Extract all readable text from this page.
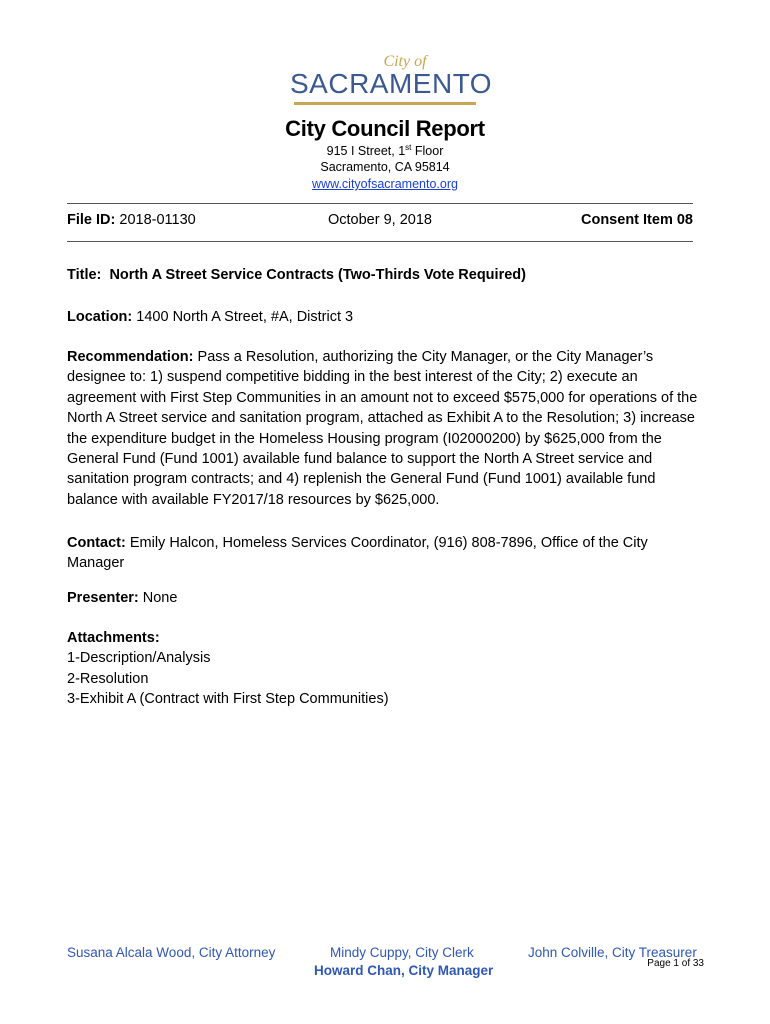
City of
SACRAMENTO
City Council Report
915 I Street, 1st Floor
Sacramento, CA 95814
www.cityofsacramento.org
File ID: 2018-01130	October 9, 2018	Consent Item 08
Title: North A Street Service Contracts (Two-Thirds Vote Required)
Location: 1400 North A Street, #A, District 3
Recommendation: Pass a Resolution, authorizing the City Manager, or the City Manager’s designee to: 1) suspend competitive bidding in the best interest of the City; 2) execute an agreement with First Step Communities in an amount not to exceed $575,000 for operations of the North A Street service and sanitation program, attached as Exhibit A to the Resolution; 3) increase the expenditure budget in the Homeless Housing program (I02000200) by $625,000 from the General Fund (Fund 1001) available fund balance to support the North A Street service and sanitation program contracts; and 4) replenish the General Fund (Fund 1001) available fund balance with available FY2017/18 resources by $625,000.
Contact: Emily Halcon, Homeless Services Coordinator, (916) 808-7896, Office of the City Manager
Presenter: None
Attachments:
1-Description/Analysis
2-Resolution
3-Exhibit A (Contract with First Step Communities)
Susana Alcala Wood, City Attorney	Mindy Cuppy, City Clerk	John Colville, City Treasurer
Howard Chan, City Manager	Page 1 of 33
